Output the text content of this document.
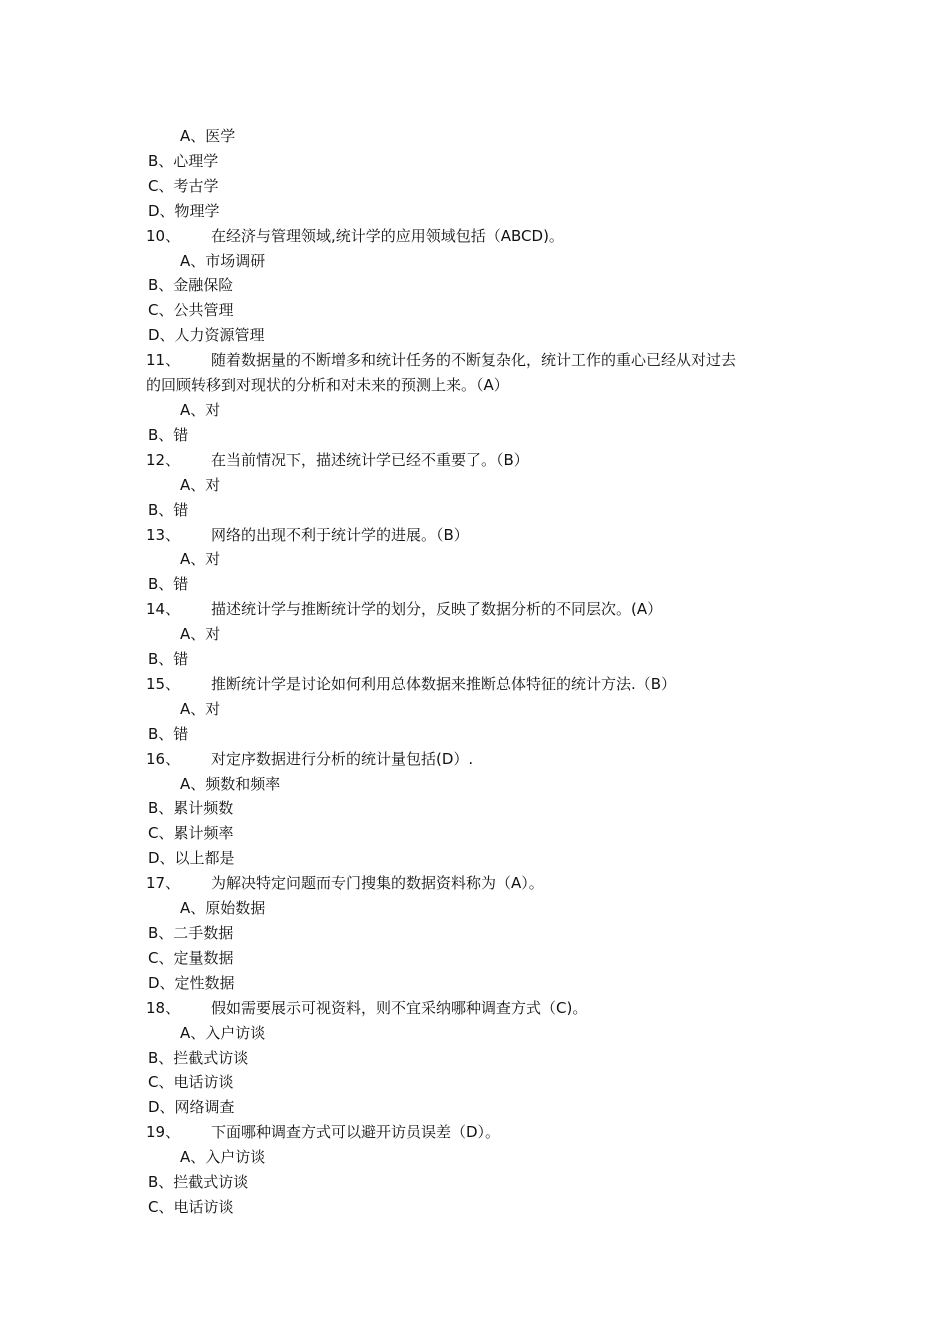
A、医学
B、心理学
C、考古学
D、物理学
10、	在经济与管理领域,统计学的应用领域包括（ABCD)。
A、市场调研
B、金融保险
C、公共管理
D、人力资源管理
11、	随着数据量的不断增多和统计任务的不断复杂化，统计工作的重心已经从对过去
的回顾转移到对现状的分析和对未来的预测上来。（A）
A、对
B、错
12、	在当前情况下，描述统计学已经不重要了。（B）
A、对
B、错
13、	网络的出现不利于统计学的进展。（B）
A、对
B、错
14、	描述统计学与推断统计学的划分，反映了数据分析的不同层次。(A）
A、对
B、错
15、	推断统计学是讨论如何利用总体数据来推断总体特征的统计方法.（B）
A、对
B、错
16、	对定序数据进行分析的统计量包括(D）.
A、频数和频率
B、累计频数
C、累计频率
D、以上都是
17、	为解决特定问题而专门搜集的数据资料称为（A）。
A、原始数据
B、二手数据
C、定量数据
D、定性数据
18、	假如需要展示可视资料，则不宜采纳哪种调查方式（C)。
A、入户访谈
B、拦截式访谈
C、电话访谈
D、网络调查
19、	下面哪种调查方式可以避开访员误差（D）。
A、入户访谈
B、拦截式访谈
C、电话访谈
